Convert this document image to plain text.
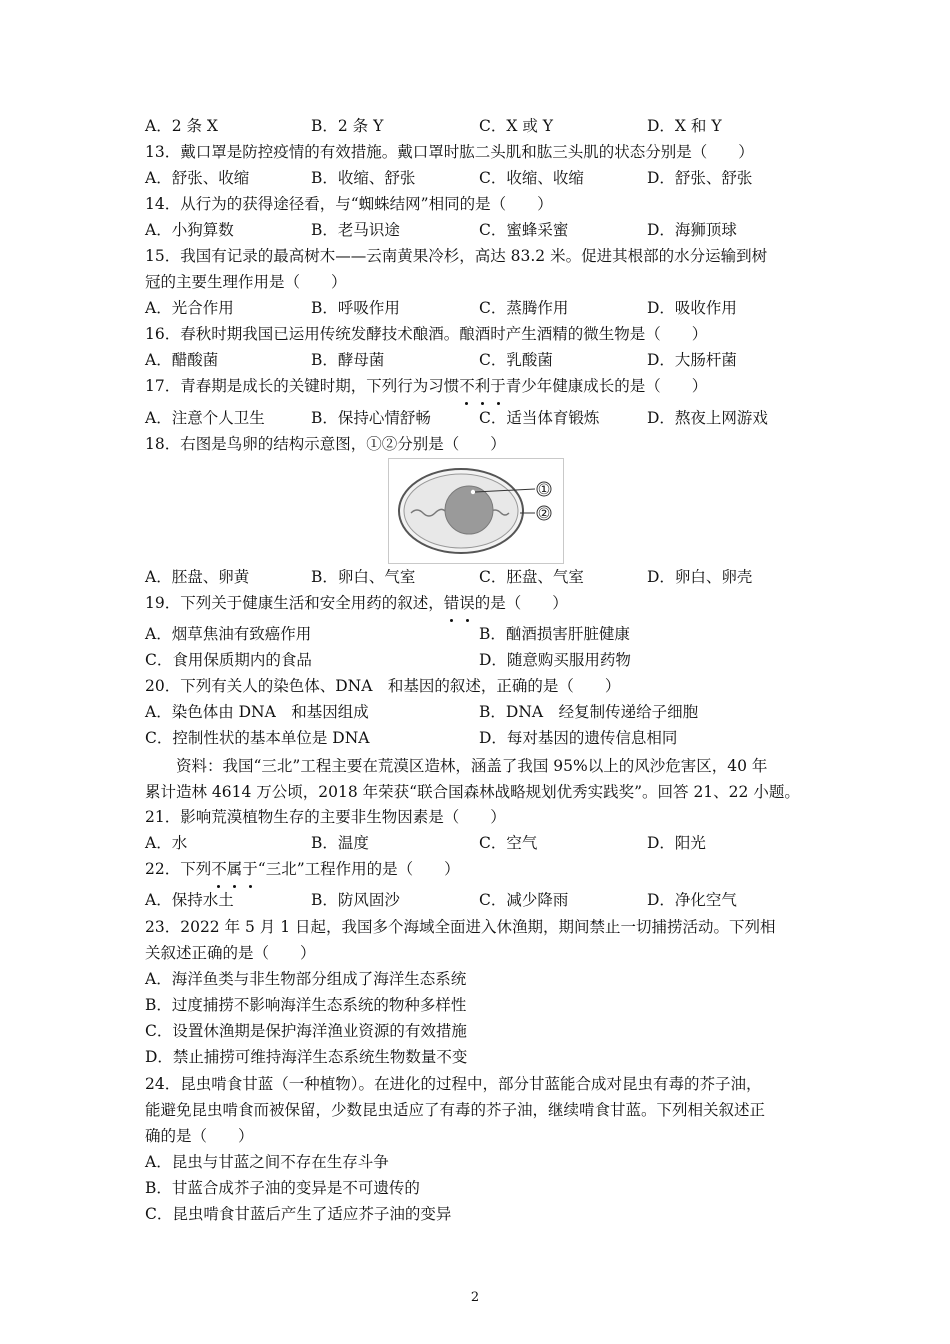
A．2 条 X	B．2 条 Y	C．X 或 Y	D．X 和 Y
13．戴口罩是防控疫情的有效措施。戴口罩时肱二头肌和肱三头肌的状态分别是（　　）
A．舒张、收缩	B．收缩、舒张	C．收缩、收缩	D．舒张、舒张
14．从行为的获得途径看，与“蜘蛛结网”相同的是（　　）
A．小狗算数	B．老马识途	C．蜜蜂采蜜	D．海狮顶球
15．我国有记录的最高树木——云南黄果冷杉，高达 83.2 米。促进其根部的水分运输到树
冠的主要生理作用是（　　）
A．光合作用	B．呼吸作用	C．蒸腾作用	D．吸收作用
16．春秋时期我国已运用传统发酵技术酿酒。酿酒时产生酒精的微生物是（　　）
A．醋酸菌	B．酵母菌	C．乳酸菌	D．大肠杆菌
17．青春期是成长的关键时期，下列行为习惯不利于青少年健康成长的是（　　）
A．注意个人卫生	B．保持心情舒畅	C．适当体育锻炼	D．熬夜上网游戏
18．右图是鸟卵的结构示意图，①②分别是（　　）
①
②
A．胚盘、卵黄	B．卵白、气室	C．胚盘、气室	D．卵白、卵壳
19．下列关于健康生活和安全用药的叙述，错误的是（　　）
A．烟草焦油有致癌作用	B．酗酒损害肝脏健康
C．食用保质期内的食品	D．随意购买服用药物
20．下列有关人的染色体、DNA　和基因的叙述，正确的是（　　）
A．染色体由 DNA　和基因组成	B．DNA　经复制传递给子细胞
C．控制性状的基本单位是 DNA	D．每对基因的遗传信息相同
资料：我国“三北”工程主要在荒漠区造林，涵盖了我国 95%以上的风沙危害区，40 年
累计造林 4614 万公顷，2018 年荣获“联合国森林战略规划优秀实践奖”。回答 21、22 小题。
21．影响荒漠植物生存的主要非生物因素是（　　）
A．水	B．温度	C．空气	D．阳光
22．下列不属于“三北”工程作用的是（　　）
A．保持水土	B．防风固沙	C．减少降雨	D．净化空气
23．2022 年 5 月 1 日起，我国多个海域全面进入休渔期，期间禁止一切捕捞活动。下列相
关叙述正确的是（　　）
A．海洋鱼类与非生物部分组成了海洋生态系统
B．过度捕捞不影响海洋生态系统的物种多样性
C．设置休渔期是保护海洋渔业资源的有效措施
D．禁止捕捞可维持海洋生态系统生物数量不变
24．昆虫啃食甘蓝（一种植物）。在进化的过程中，部分甘蓝能合成对昆虫有毒的芥子油，
能避免昆虫啃食而被保留，少数昆虫适应了有毒的芥子油，继续啃食甘蓝。下列相关叙述正
确的是（　　）
A．昆虫与甘蓝之间不存在生存斗争
B．甘蓝合成芥子油的变异是不可遗传的
C．昆虫啃食甘蓝后产生了适应芥子油的变异
2
